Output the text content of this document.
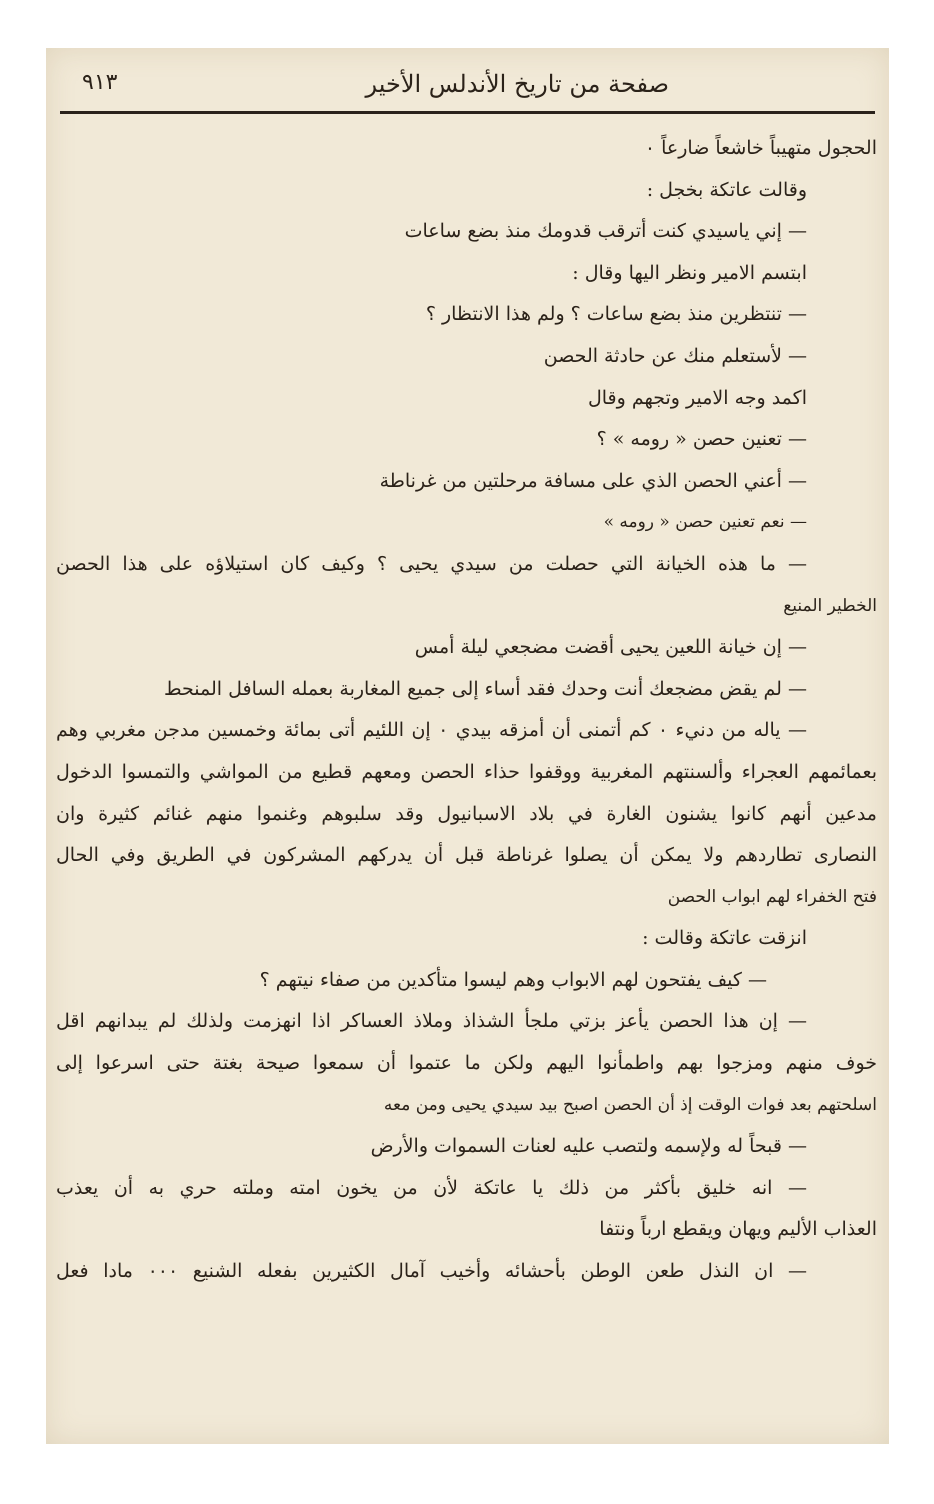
صفحة من تاريخ الأندلس الأخير
٩١٣
الحجول متهيباً خاشعاً ضارعاً ٠
وقالت عاتكة بخجل :
— إني ياسيدي كنت أترقب قدومك منذ بضع ساعات
ابتسم الامير ونظر اليها وقال :
— تنتظرين منذ بضع ساعات ؟ ولم هذا الانتظار ؟
— لأستعلم منك عن حادثة الحصن
اكمد وجه الامير وتجهم وقال
— تعنين حصن « رومه » ؟
— أعني الحصن الذي على مسافة مرحلتين من غرناطة
— نعم تعنين حصن « رومه »
— ما هذه الخيانة التي حصلت من سيدي يحيى ؟ وكيف كان استيلاؤه على هذا الحصن
الخطير المنيع
— إن خيانة اللعين يحيى أقضت مضجعي ليلة أمس
— لم يقض مضجعك أنت وحدك فقد أساء إلى جميع المغاربة بعمله السافل المنحط
— ياله من دنيء ٠ كم أتمنى أن أمزقه بيدي ٠ إن اللئيم أتى بمائة وخمسين مدجن مغربي وهم
بعمائمهم العجراء وألسنتهم المغربية ووقفوا حذاء الحصن ومعهم قطيع من المواشي والتمسوا الدخول
مدعين أنهم كانوا يشنون الغارة في بلاد الاسبانيول وقد سلبوهم وغنموا منهم غنائم كثيرة وان
النصارى تطاردهم ولا يمكن أن يصلوا غرناطة قبل أن يدركهم المشركون في الطريق وفي الحال
فتح الخفراء لهم ابواب الحصن
انزقت عاتكة وقالت :
— كيف يفتحون لهم الابواب وهم ليسوا متأكدين من صفاء نيتهم ؟
— إن هذا الحصن يأعز بزتي ملجأ الشذاذ وملاذ العساكر اذا انهزمت ولذلك لم يبدانهم اقل
خوف منهم ومزجوا بهم واطمأنوا اليهم ولكن ما عتموا أن سمعوا صيحة بغتة حتى اسرعوا إلى
اسلحتهم بعد فوات الوقت إذ أن الحصن اصبح بيد سيدي يحيى ومن معه
— قبحاً له ولإسمه ولتصب عليه لعنات السموات والأرض
— انه خليق بأكثر من ذلك يا عاتكة لأن من يخون امته وملته حري به أن يعذب
العذاب الأليم ويهان ويقطع ارباً ونتفا
— ان النذل طعن الوطن بأحشائه وأخيب آمال الكثيرين بفعله الشنيع ٠٠٠ مادا فعل
